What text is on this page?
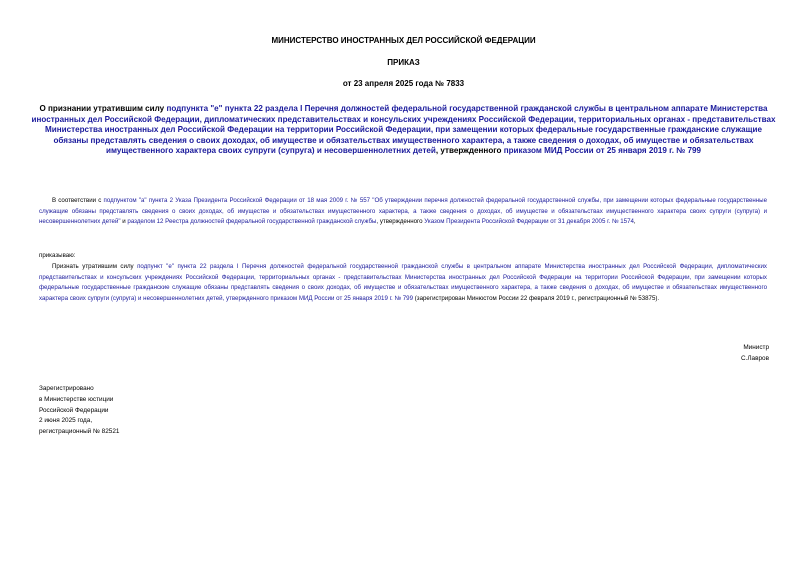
МИНИСТЕРСТВО ИНОСТРАННЫХ ДЕЛ РОССИЙСКОЙ ФЕДЕРАЦИИ
ПРИКАЗ
от 23 апреля 2025 года № 7833
О признании утратившим силу подпункта "е" пункта 22 раздела I Перечня должностей федеральной государственной гражданской службы в центральном аппарате Министерства иностранных дел Российской Федерации, дипломатических представительствах и консульских учреждениях Российской Федерации, территориальных органах - представительствах Министерства иностранных дел Российской Федерации на территории Российской Федерации, при замещении которых федеральные государственные гражданские служащие обязаны представлять сведения о своих доходах, об имуществе и обязательствах имущественного характера, а также сведения о доходах, об имуществе и обязательствах имущественного характера своих супруги (супруга) и несовершеннолетних детей, утвержденного приказом МИД России от 25 января 2019 г. № 799
В соответствии с подпунктом "а" пункта 2 Указа Президента Российской Федерации от 18 мая 2009 г. № 557 "Об утверждении перечня должностей федеральной государственной службы, при замещении которых федеральные государственные служащие обязаны представлять сведения о своих доходах, об имуществе и обязательствах имущественного характера, а также сведения о доходах, об имуществе и обязательствах имущественного характера своих супруги (супруга) и несовершеннолетних детей" и разделом 12 Реестра должностей федеральной государственной гражданской службы, утвержденного Указом Президента Российской Федерации от 31 декабря 2005 г. № 1574,
приказываю:
Признать утратившим силу подпункт "е" пункта 22 раздела I Перечня должностей федеральной государственной гражданской службы в центральном аппарате Министерства иностранных дел Российской Федерации, дипломатических представительствах и консульских учреждениях Российской Федерации, территориальных органах - представительствах Министерства иностранных дел Российской Федерации на территории Российской Федерации, при замещении которых федеральные государственные гражданские служащие обязаны представлять сведения о своих доходах, об имуществе и обязательствах имущественного характера, а также сведения о доходах, об имуществе и обязательствах имущественного характера своих супруги (супруга) и несовершеннолетних детей, утвержденного приказом МИД России от 25 января 2019 г. № 799 (зарегистрирован Минюстом России 22 февраля 2019 г., регистрационный № 53875).
Министр
С.Лавров
Зарегистрировано
в Министерстве юстиции
Российской Федерации
2 июня 2025 года,
регистрационный № 82521
